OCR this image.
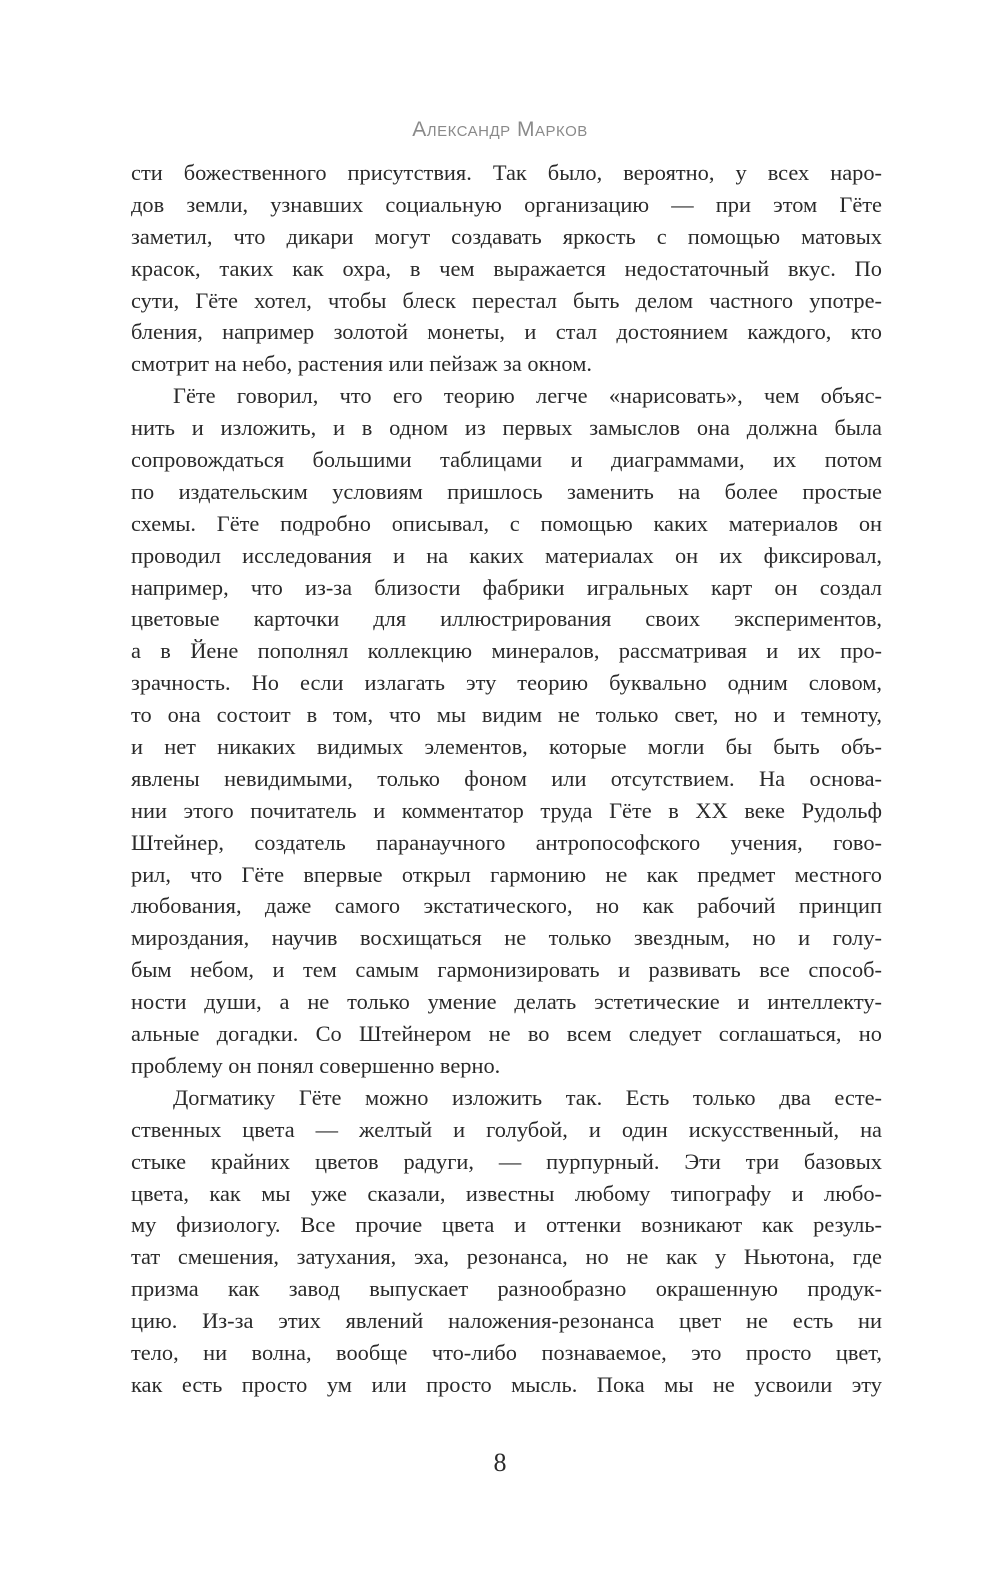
Александр Марков
сти божественного присутствия. Так было, вероятно, у всех наро-
дов земли, узнавших социальную организацию — при этом Гёте
заметил, что дикари могут создавать яркость с помощью матовых
красок, таких как охра, в чем выражается недостаточный вкус. По
сути, Гёте хотел, чтобы блеск перестал быть делом частного употре-
бления, например золотой монеты, и стал достоянием каждого, кто
смотрит на небо, растения или пейзаж за окном.
Гёте говорил, что его теорию легче «нарисовать», чем объяс-
нить и изложить, и в одном из первых замыслов она должна была
сопровождаться большими таблицами и диаграммами, их потом
по издательским условиям пришлось заменить на более простые
схемы. Гёте подробно описывал, с помощью каких материалов он
проводил исследования и на каких материалах он их фиксировал,
например, что из-за близости фабрики игральных карт он создал
цветовые карточки для иллюстрирования своих экспериментов,
а в Йене пополнял коллекцию минералов, рассматривая и их про-
зрачность. Но если излагать эту теорию буквально одним словом,
то она состоит в том, что мы видим не только свет, но и темноту,
и нет никаких видимых элементов, которые могли бы быть объ-
явлены невидимыми, только фоном или отсутствием. На основа-
нии этого почитатель и комментатор труда Гёте в XX веке Рудольф
Штейнер, создатель паранаучного антропософского учения, гово-
рил, что Гёте впервые открыл гармонию не как предмет местного
любования, даже самого экстатического, но как рабочий принцип
мироздания, научив восхищаться не только звездным, но и голу-
бым небом, и тем самым гармонизировать и развивать все способ-
ности души, а не только умение делать эстетические и интеллекту-
альные догадки. Со Штейнером не во всем следует соглашаться, но
проблему он понял совершенно верно.
Догматику Гёте можно изложить так. Есть только два есте-
ственных цвета — желтый и голубой, и один искусственный, на
стыке крайних цветов радуги, — пурпурный. Эти три базовых
цвета, как мы уже сказали, известны любому типографу и любо-
му физиологу. Все прочие цвета и оттенки возникают как резуль-
тат смешения, затухания, эха, резонанса, но не как у Ньютона, где
призма как завод выпускает разнообразно окрашенную продук-
цию. Из-за этих явлений наложения-резонанса цвет не есть ни
тело, ни волна, вообще что-либо познаваемое, это просто цвет,
как есть просто ум или просто мысль. Пока мы не усвоили эту
8
